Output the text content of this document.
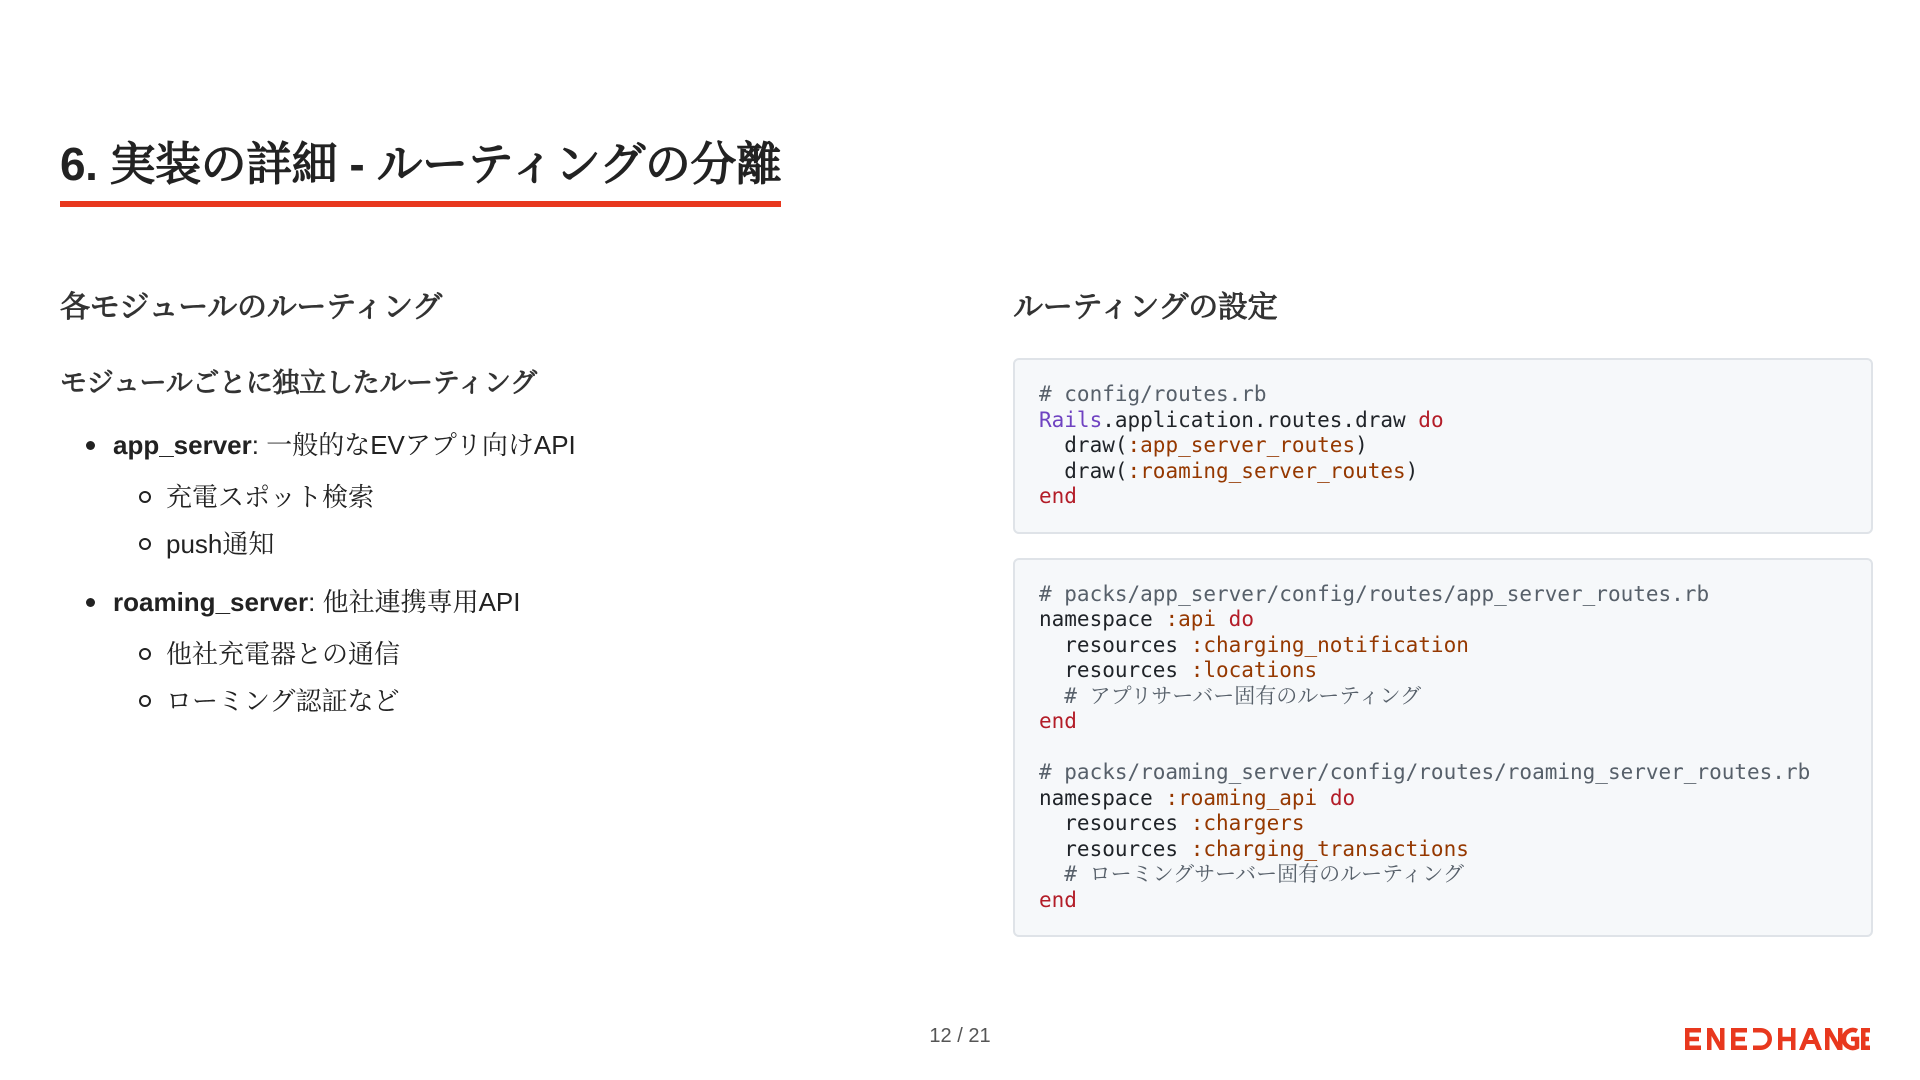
6. 実装の詳細 - ルーティングの分離
各モジュールのルーティング
モジュールごとに独立したルーティング
app_server: 一般的なEVアプリ向けAPI
充電スポット検索
push通知
roaming_server: 他社連携専用API
他社充電器との通信
ローミング認証など
ルーティングの設定
# config/routes.rb
Rails.application.routes.draw do
draw(:app_server_routes)
draw(:roaming_server_routes)
end
# packs/app_server/config/routes/app_server_routes.rb
namespace :api do
resources :charging_notification
resources :locations
# アプリサーバー固有のルーティング
end

# packs/roaming_server/config/routes/roaming_server_routes.rb
namespace :roaming_api do
resources :chargers
resources :charging_transactions
# ローミングサーバー固有のルーティング
end
12 / 21
